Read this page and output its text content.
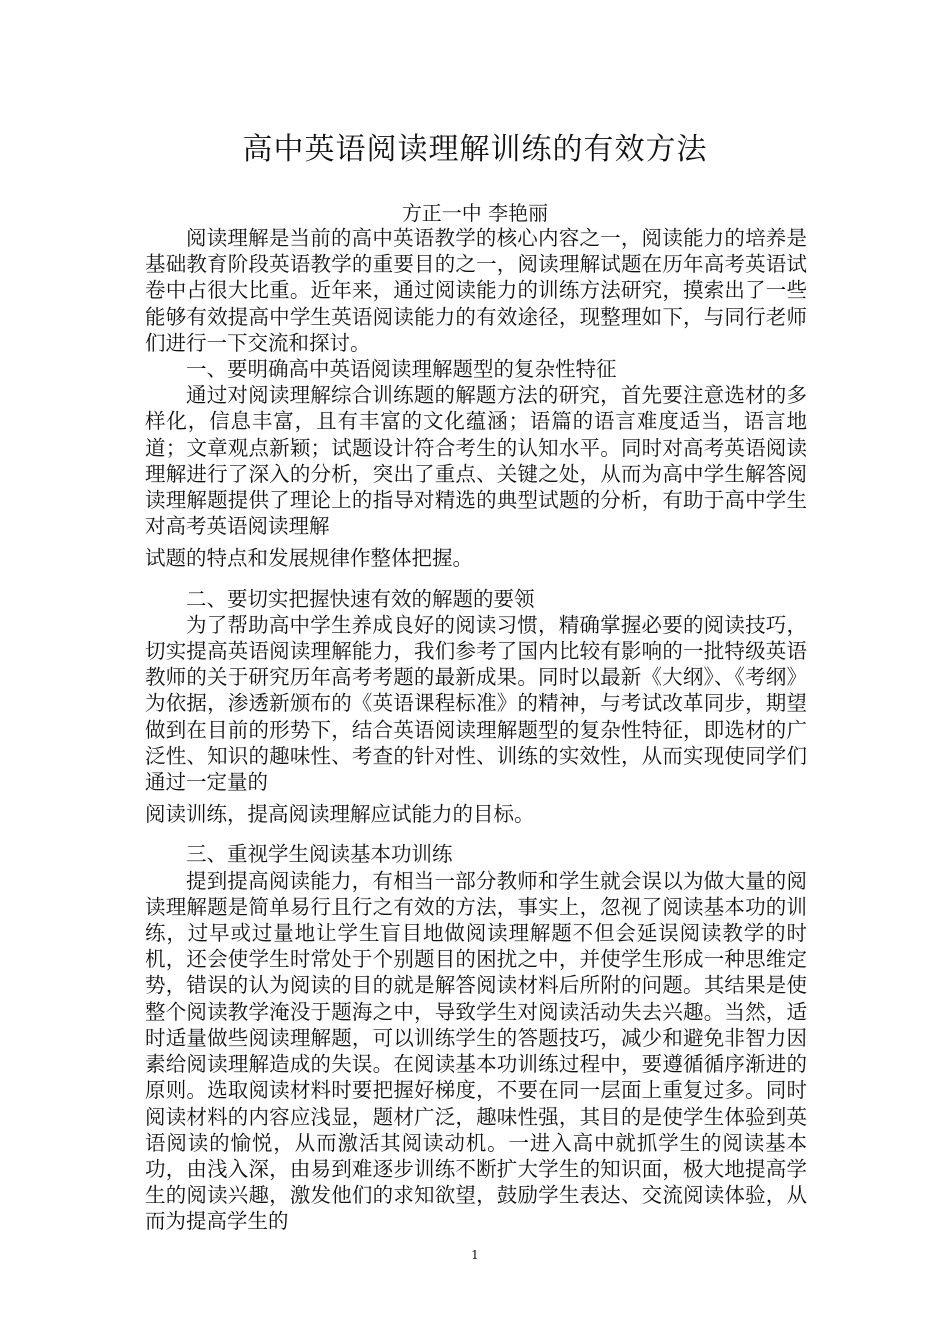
高中英语阅读理解训练的有效方法
方正一中 李艳丽

阅读理解是当前的高中英语教学的核心内容之一，阅读能力的培养是基础教育阶段英语教学的重要目的之一，阅读理解试题在历年高考英语试卷中占很大比重。近年来，通过阅读能力的训练方法研究，摸索出了一些能够有效提高中学生英语阅读能力的有效途径，现整理如下，与同行老师们进行一下交流和探讨。

一、要明确高中英语阅读理解题型的复杂性特征

通过对阅读理解综合训练题的解题方法的研究，首先要注意选材的多样化，信息丰富，且有丰富的文化蕴涵；语篇的语言难度适当，语言地道；文章观点新颖；试题设计符合考生的认知水平。同时对高考英语阅读理解进行了深入的分析，突出了重点、关键之处，从而为高中学生解答阅读理解题提供了理论上的指导对精选的典型试题的分析，有助于高中学生对高考英语阅读理解

试题的特点和发展规律作整体把握。

二、要切实把握快速有效的解题的要领

为了帮助高中学生养成良好的阅读习惯，精确掌握必要的阅读技巧，切实提高英语阅读理解能力，我们参考了国内比较有影响的一批特级英语教师的关于研究历年高考考题的最新成果。同时以最新《大纲》、《考纲》为依据，渗透新颁布的《英语课程标准》的精神，与考试改革同步，期望做到在目前的形势下，结合英语阅读理解题型的复杂性特征，即选材的广泛性、知识的趣味性、考查的针对性、训练的实效性，从而实现使同学们通过一定量的

阅读训练，提高阅读理解应试能力的目标。

三、重视学生阅读基本功训练

提到提高阅读能力，有相当一部分教师和学生就会误以为做大量的阅读理解题是简单易行且行之有效的方法，事实上，忽视了阅读基本功的训练，过早或过量地让学生盲目地做阅读理解题不但会延误阅读教学的时机，还会使学生时常处于个别题目的困扰之中，并使学生形成一种思维定势，错误的认为阅读的目的就是解答阅读材料后所附的问题。其结果是使整个阅读教学淹没于题海之中，导致学生对阅读活动失去兴趣。当然，适时适量做些阅读理解题，可以训练学生的答题技巧，减少和避免非智力因素给阅读理解造成的失误。在阅读基本功训练过程中，要遵循循序渐进的原则。选取阅读材料时要把握好梯度，不要在同一层面上重复过多。同时阅读材料的内容应浅显，题材广泛，趣味性强，其目的是使学生体验到英语阅读的愉悦，从而激活其阅读动机。一进入高中就抓学生的阅读基本功，由浅入深，由易到难逐步训练不断扩大学生的知识面，极大地提高学生的阅读兴趣，激发他们的求知欲望，鼓励学生表达、交流阅读体验，从而为提高学生的

1
